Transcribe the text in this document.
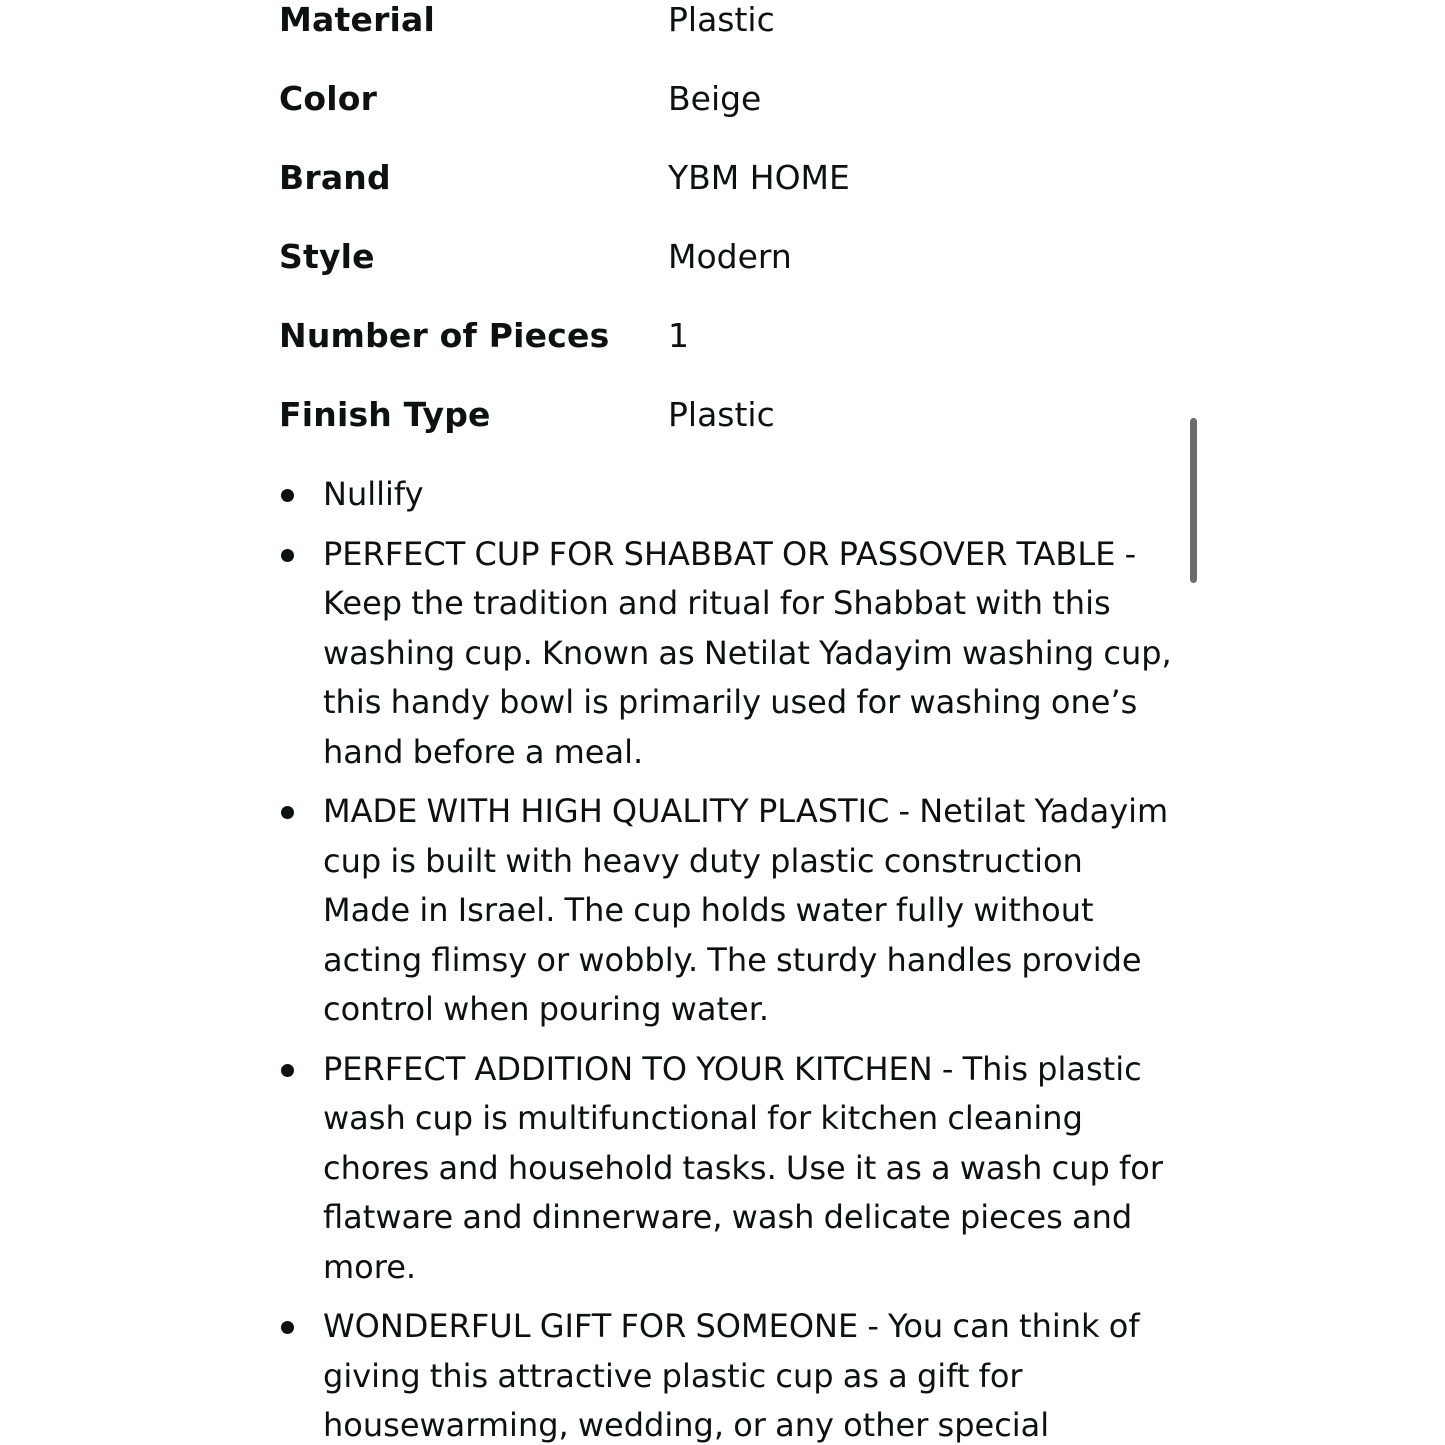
Material	Plastic
Color	Beige
Brand	YBM HOME
Style	Modern
Number of Pieces	1
Finish Type	Plastic
Nullify
PERFECT CUP FOR SHABBAT OR PASSOVER TABLE - Keep the tradition and ritual for Shabbat with this washing cup. Known as Netilat Yadayim washing cup, this handy bowl is primarily used for washing one’s hand before a meal.
MADE WITH HIGH QUALITY PLASTIC - Netilat Yadayim cup is built with heavy duty plastic construction Made in Israel. The cup holds water fully without acting flimsy or wobbly. The sturdy handles provide control when pouring water.
PERFECT ADDITION TO YOUR KITCHEN - This plastic wash cup is multifunctional for kitchen cleaning chores and household tasks. Use it as a wash cup for flatware and dinnerware, wash delicate pieces and more.
WONDERFUL GIFT FOR SOMEONE - You can think of giving this attractive plastic cup as a gift for housewarming, wedding, or any other special
